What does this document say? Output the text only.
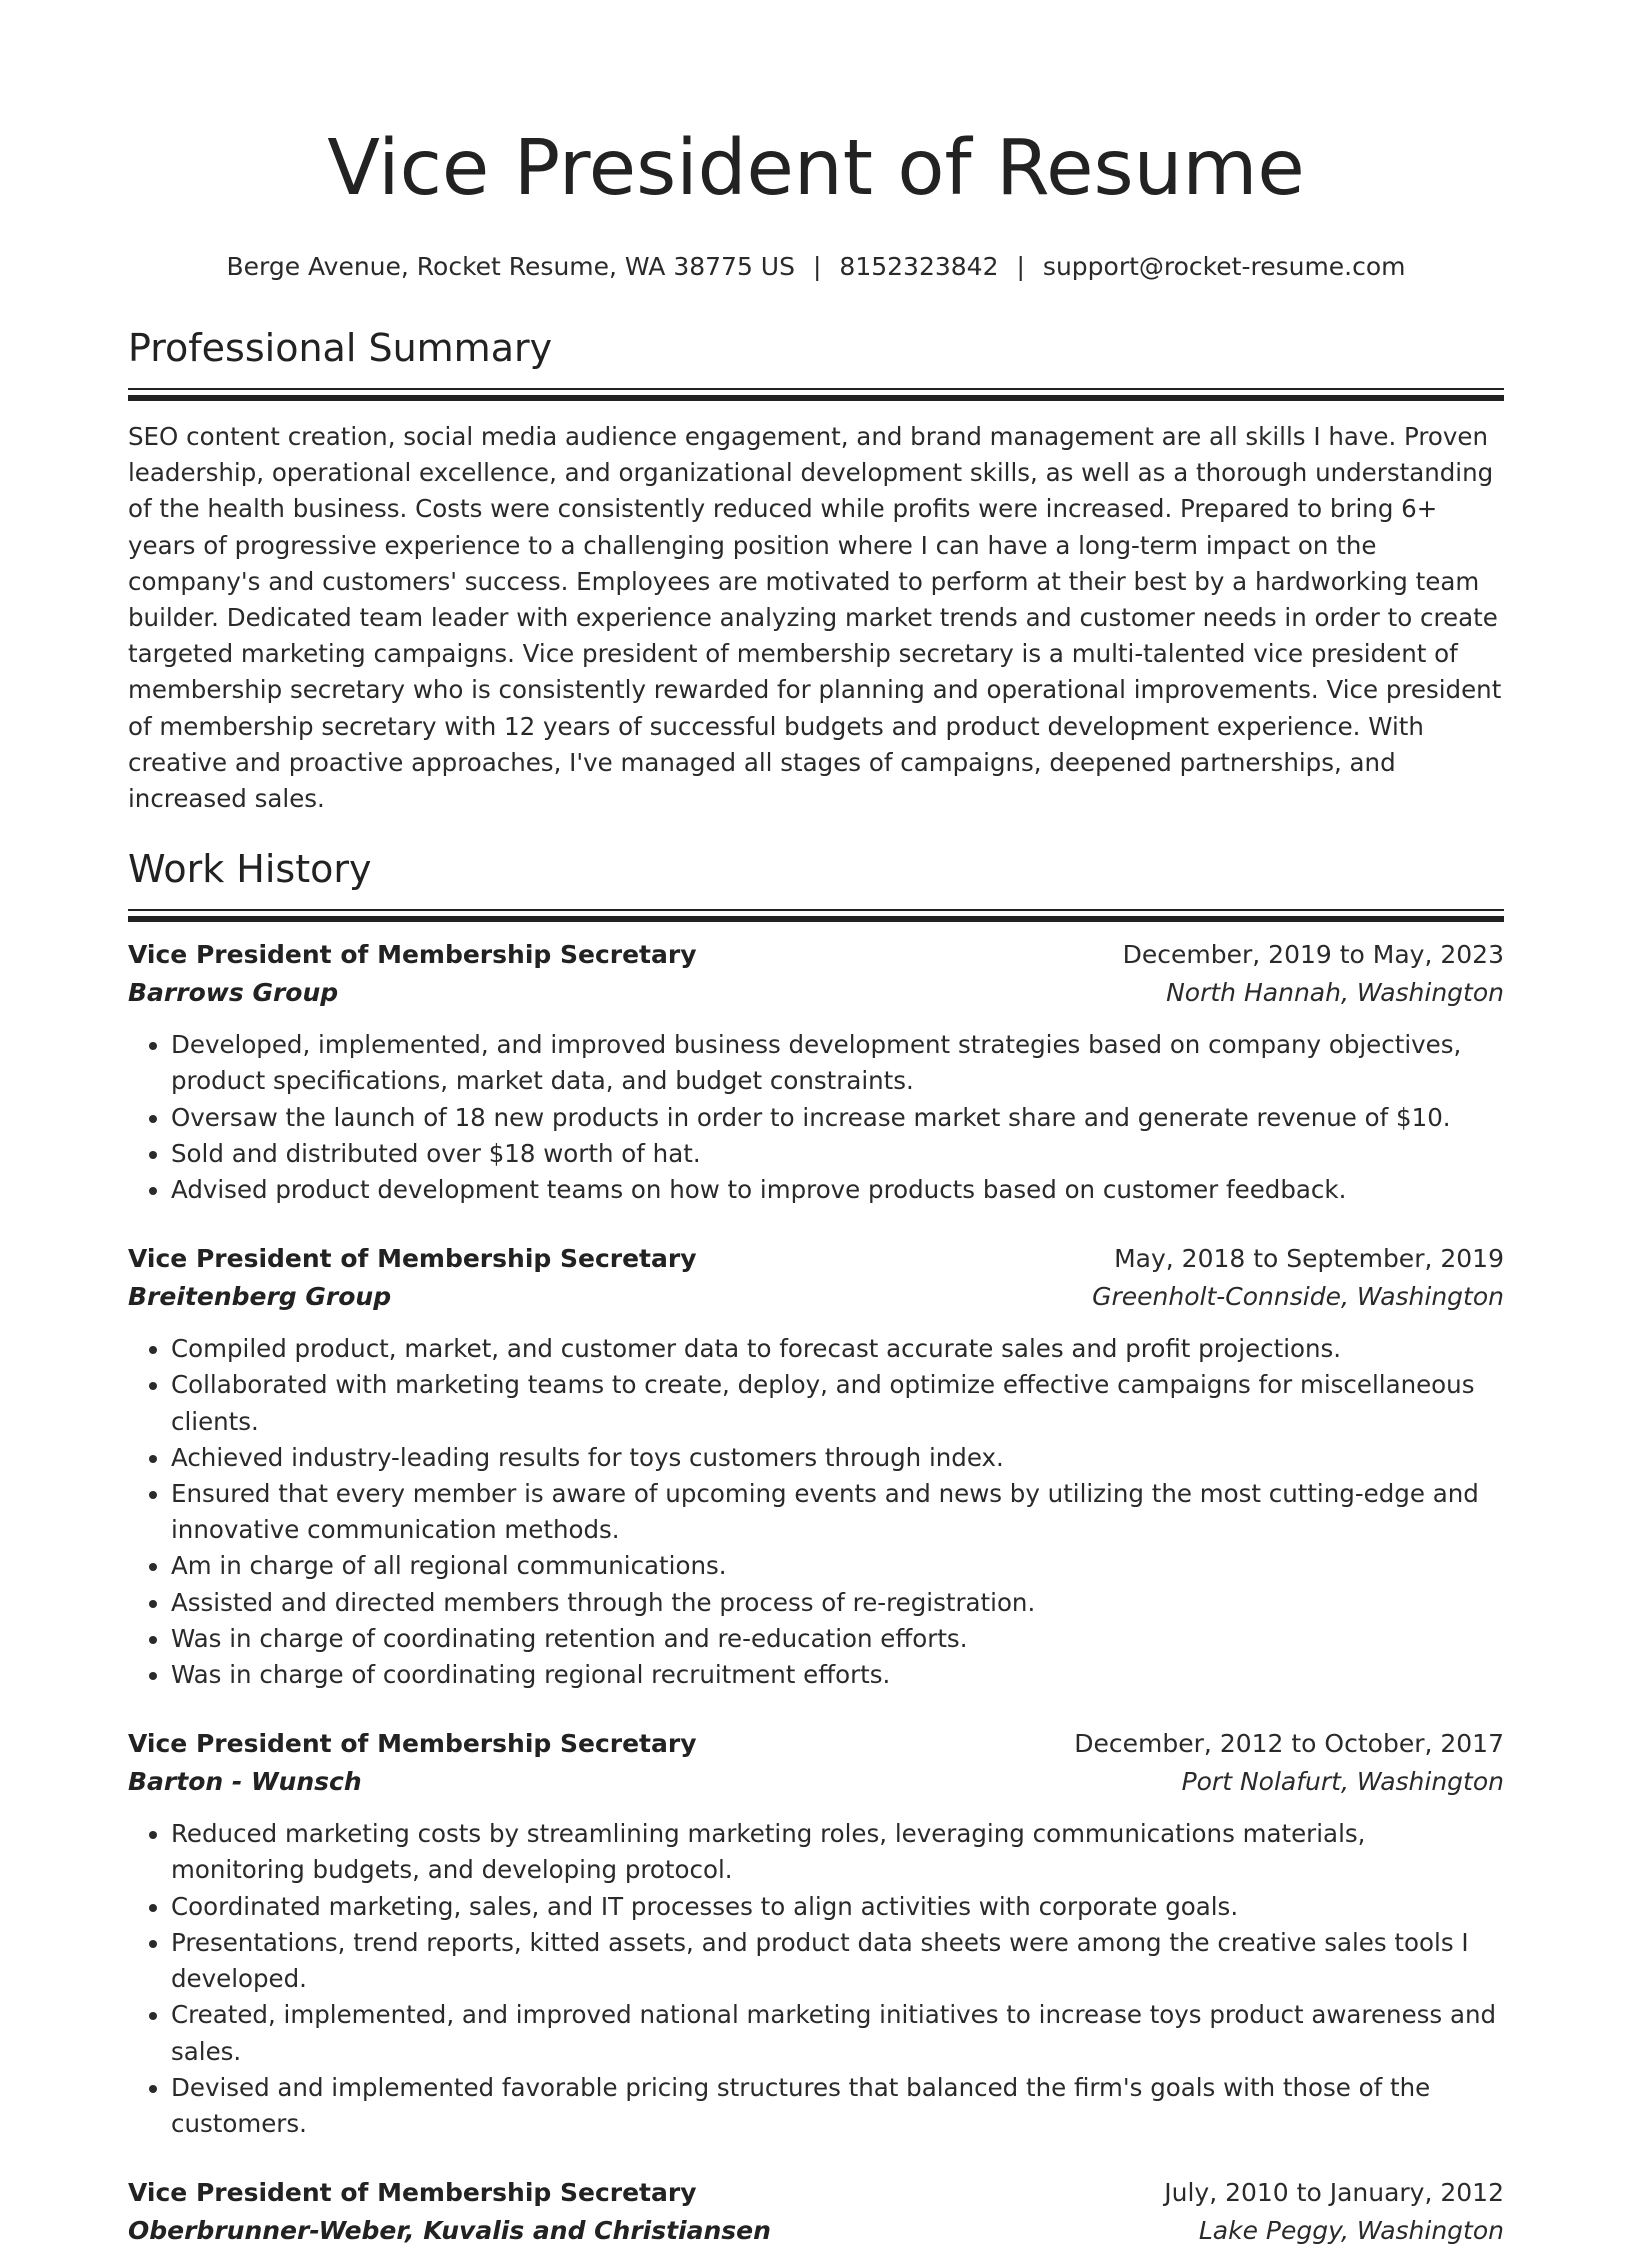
Vice President of Resume
Berge Avenue, Rocket Resume, WA 38775 US | 8152323842 | support@rocket-resume.com
Professional Summary

SEO content creation, social media audience engagement, and brand management are all skills I have. Proven leadership, operational excellence, and organizational development skills, as well as a thorough understanding of the health business. Costs were consistently reduced while profits were increased. Prepared to bring 6+ years of progressive experience to a challenging position where I can have a long-term impact on the company's and customers' success. Employees are motivated to perform at their best by a hardworking team builder. Dedicated team leader with experience analyzing market trends and customer needs in order to create targeted marketing campaigns. Vice president of membership secretary is a multi-talented vice president of membership secretary who is consistently rewarded for planning and operational improvements. Vice president of membership secretary with 12 years of successful budgets and product development experience. With creative and proactive approaches, I've managed all stages of campaigns, deepened partnerships, and increased sales.

Work History
Vice President of Membership Secretary	December, 2019 to May, 2023
Barrows Group	North Hannah, Washington
• Developed, implemented, and improved business development strategies based on company objectives, product specifications, market data, and budget constraints.
• Oversaw the launch of 18 new products in order to increase market share and generate revenue of $10.
• Sold and distributed over $18 worth of hat.
• Advised product development teams on how to improve products based on customer feedback.
Vice President of Membership Secretary	May, 2018 to September, 2019
Breitenberg Group	Greenholt-Connside, Washington
• Compiled product, market, and customer data to forecast accurate sales and profit projections.
• Collaborated with marketing teams to create, deploy, and optimize effective campaigns for miscellaneous clients.
• Achieved industry-leading results for toys customers through index.
• Ensured that every member is aware of upcoming events and news by utilizing the most cutting-edge and innovative communication methods.
• Am in charge of all regional communications.
• Assisted and directed members through the process of re-registration.
• Was in charge of coordinating retention and re-education efforts.
• Was in charge of coordinating regional recruitment efforts.
Vice President of Membership Secretary	December, 2012 to October, 2017
Barton - Wunsch	Port Nolafurt, Washington
• Reduced marketing costs by streamlining marketing roles, leveraging communications materials, monitoring budgets, and developing protocol.
• Coordinated marketing, sales, and IT processes to align activities with corporate goals.
• Presentations, trend reports, kitted assets, and product data sheets were among the creative sales tools I developed.
• Created, implemented, and improved national marketing initiatives to increase toys product awareness and sales.
• Devised and implemented favorable pricing structures that balanced the firm's goals with those of the customers.
Vice President of Membership Secretary	July, 2010 to January, 2012
Oberbrunner-Weber, Kuvalis and Christiansen	Lake Peggy, Washington
